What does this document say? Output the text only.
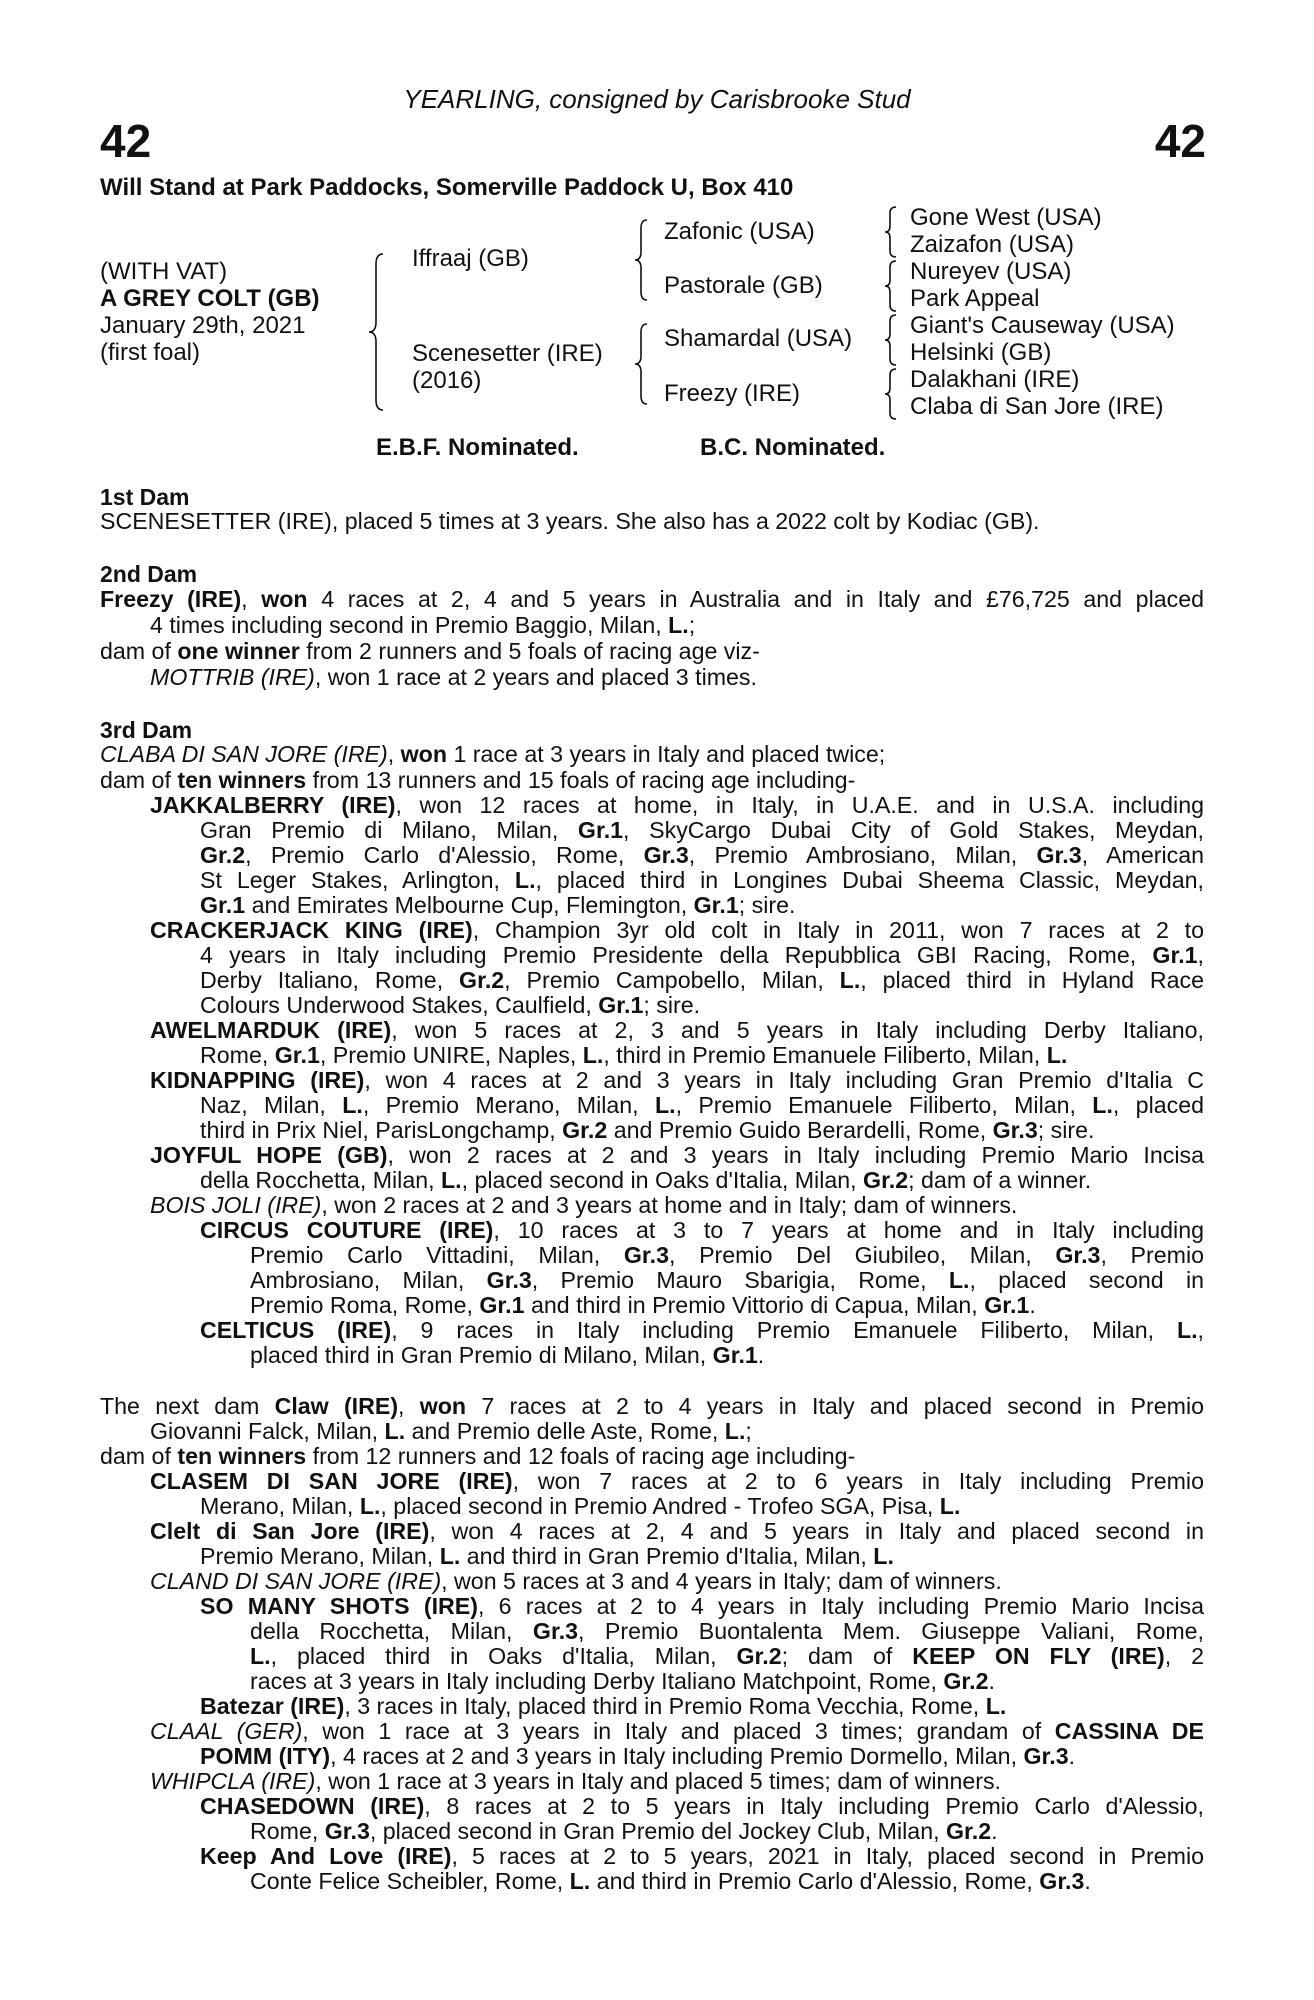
YEARLING, consigned by Carisbrooke Stud
42	42
Will Stand at Park Paddocks, Somerville Paddock U, Box 410
(WITH VAT)
A GREY COLT (GB)
January 29th, 2021
(first foal)
Iffraaj (GB)
Scenesetter (IRE)
(2016)
Zafonic (USA)
Pastorale (GB)
Shamardal (USA)
Freezy (IRE)
Gone West (USA)
Zaizafon (USA)
Nureyev (USA)
Park Appeal
Giant's Causeway (USA)
Helsinki (GB)
Dalakhani (IRE)
Claba di San Jore (IRE)
E.B.F. Nominated.	B.C. Nominated.
1st Dam
SCENESETTER (IRE), placed 5 times at 3 years. She also has a 2022 colt by Kodiac (GB).
2nd Dam
Freezy (IRE), won 4 races at 2, 4 and 5 years in Australia and in Italy and £76,725 and placed
4 times including second in Premio Baggio, Milan, L.;
dam of one winner from 2 runners and 5 foals of racing age viz-
MOTTRIB (IRE), won 1 race at 2 years and placed 3 times.
3rd Dam
CLABA DI SAN JORE (IRE), won 1 race at 3 years in Italy and placed twice;
dam of ten winners from 13 runners and 15 foals of racing age including-
JAKKALBERRY (IRE), won 12 races at home, in Italy, in U.A.E. and in U.S.A. including
Gran Premio di Milano, Milan, Gr.1, SkyCargo Dubai City of Gold Stakes, Meydan,
Gr.2, Premio Carlo d'Alessio, Rome, Gr.3, Premio Ambrosiano, Milan, Gr.3, American
St Leger Stakes, Arlington, L., placed third in Longines Dubai Sheema Classic, Meydan,
Gr.1 and Emirates Melbourne Cup, Flemington, Gr.1; sire.
CRACKERJACK KING (IRE), Champion 3yr old colt in Italy in 2011, won 7 races at 2 to
4 years in Italy including Premio Presidente della Repubblica GBI Racing, Rome, Gr.1,
Derby Italiano, Rome, Gr.2, Premio Campobello, Milan, L., placed third in Hyland Race
Colours Underwood Stakes, Caulfield, Gr.1; sire.
AWELMARDUK (IRE), won 5 races at 2, 3 and 5 years in Italy including Derby Italiano,
Rome, Gr.1, Premio UNIRE, Naples, L., third in Premio Emanuele Filiberto, Milan, L.
KIDNAPPING (IRE), won 4 races at 2 and 3 years in Italy including Gran Premio d'Italia C
Naz, Milan, L., Premio Merano, Milan, L., Premio Emanuele Filiberto, Milan, L., placed
third in Prix Niel, ParisLongchamp, Gr.2 and Premio Guido Berardelli, Rome, Gr.3; sire.
JOYFUL HOPE (GB), won 2 races at 2 and 3 years in Italy including Premio Mario Incisa
della Rocchetta, Milan, L., placed second in Oaks d'Italia, Milan, Gr.2; dam of a winner.
BOIS JOLI (IRE), won 2 races at 2 and 3 years at home and in Italy; dam of winners.
CIRCUS COUTURE (IRE), 10 races at 3 to 7 years at home and in Italy including
Premio Carlo Vittadini, Milan, Gr.3, Premio Del Giubileo, Milan, Gr.3, Premio
Ambrosiano, Milan, Gr.3, Premio Mauro Sbarigia, Rome, L., placed second in
Premio Roma, Rome, Gr.1 and third in Premio Vittorio di Capua, Milan, Gr.1.
CELTICUS (IRE), 9 races in Italy including Premio Emanuele Filiberto, Milan, L.,
placed third in Gran Premio di Milano, Milan, Gr.1.
The next dam Claw (IRE), won 7 races at 2 to 4 years in Italy and placed second in Premio
Giovanni Falck, Milan, L. and Premio delle Aste, Rome, L.;
dam of ten winners from 12 runners and 12 foals of racing age including-
CLASEM DI SAN JORE (IRE), won 7 races at 2 to 6 years in Italy including Premio
Merano, Milan, L., placed second in Premio Andred - Trofeo SGA, Pisa, L.
Clelt di San Jore (IRE), won 4 races at 2, 4 and 5 years in Italy and placed second in
Premio Merano, Milan, L. and third in Gran Premio d'Italia, Milan, L.
CLAND DI SAN JORE (IRE), won 5 races at 3 and 4 years in Italy; dam of winners.
SO MANY SHOTS (IRE), 6 races at 2 to 4 years in Italy including Premio Mario Incisa
della Rocchetta, Milan, Gr.3, Premio Buontalenta Mem. Giuseppe Valiani, Rome,
L., placed third in Oaks d'Italia, Milan, Gr.2; dam of KEEP ON FLY (IRE), 2
races at 3 years in Italy including Derby Italiano Matchpoint, Rome, Gr.2.
Batezar (IRE), 3 races in Italy, placed third in Premio Roma Vecchia, Rome, L.
CLAAL (GER), won 1 race at 3 years in Italy and placed 3 times; grandam of CASSINA DE
POMM (ITY), 4 races at 2 and 3 years in Italy including Premio Dormello, Milan, Gr.3.
WHIPCLA (IRE), won 1 race at 3 years in Italy and placed 5 times; dam of winners.
CHASEDOWN (IRE), 8 races at 2 to 5 years in Italy including Premio Carlo d'Alessio,
Rome, Gr.3, placed second in Gran Premio del Jockey Club, Milan, Gr.2.
Keep And Love (IRE), 5 races at 2 to 5 years, 2021 in Italy, placed second in Premio
Conte Felice Scheibler, Rome, L. and third in Premio Carlo d'Alessio, Rome, Gr.3.
